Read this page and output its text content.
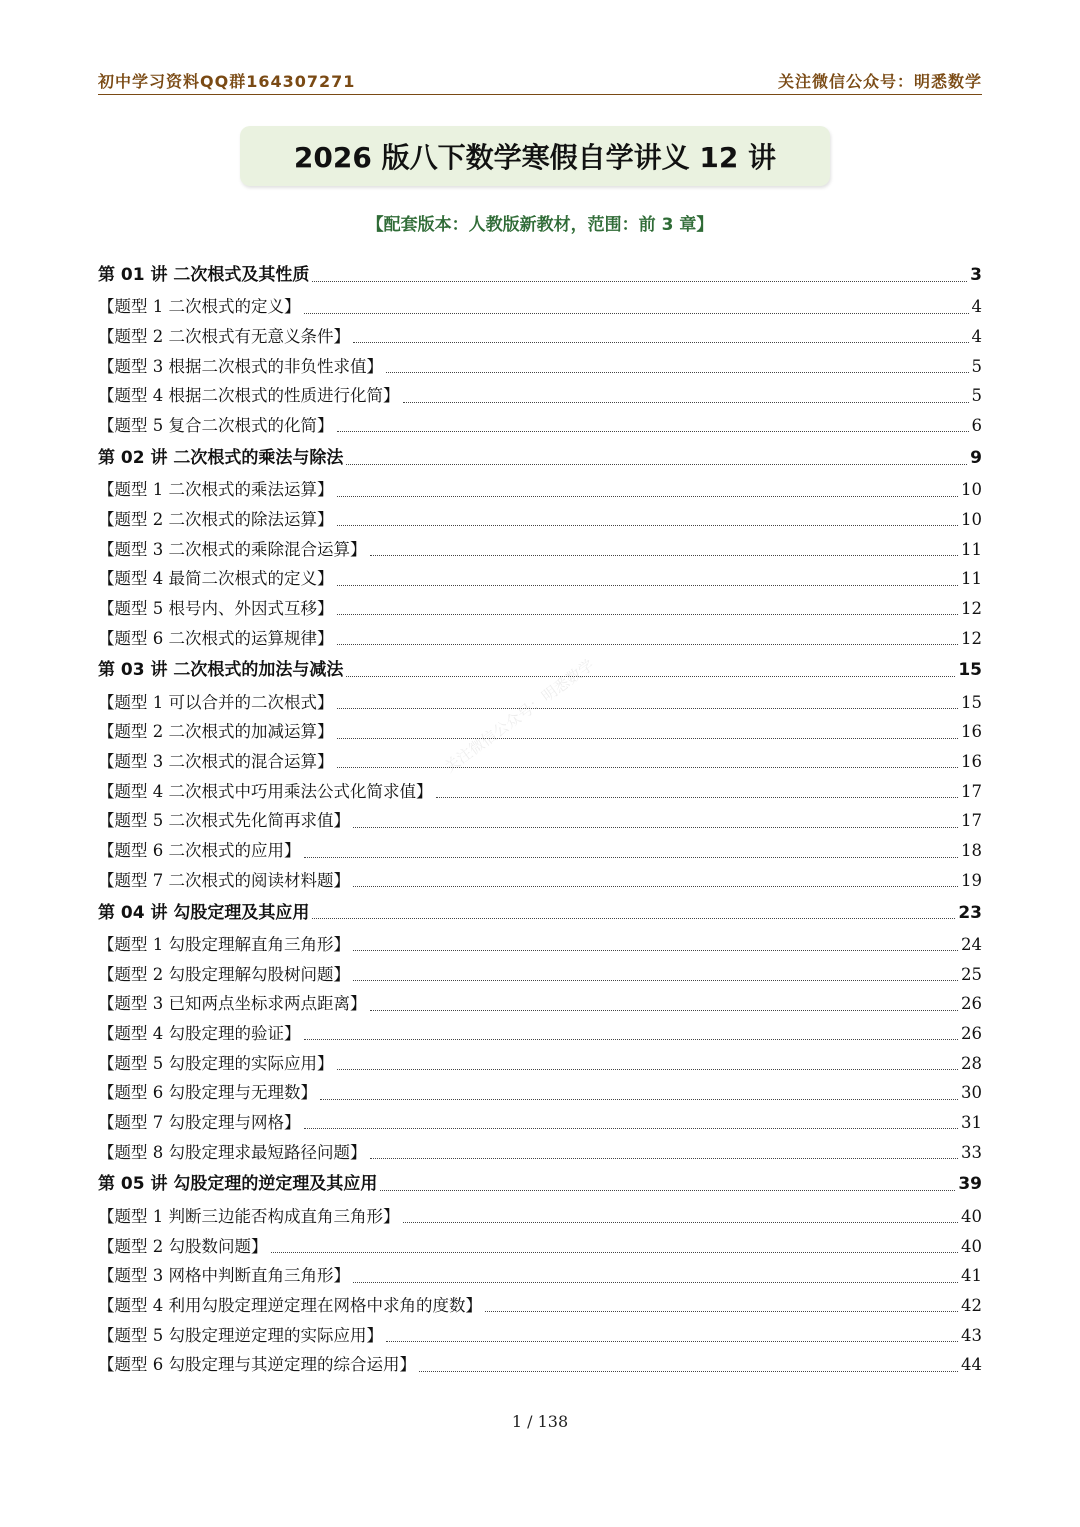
初中学习资料QQ群164307271	关注微信公众号：明悉数学
2026 版八下数学寒假自学讲义 12 讲
【配套版本：人教版新教材，范围：前 3 章】
关注微信公众号：明悉数学
第 01 讲 二次根式及其性质	3
【题型 1 二次根式的定义】	4
【题型 2 二次根式有无意义条件】	4
【题型 3 根据二次根式的非负性求值】	5
【题型 4 根据二次根式的性质进行化简】	5
【题型 5 复合二次根式的化简】	6
第 02 讲 二次根式的乘法与除法	9
【题型 1 二次根式的乘法运算】	10
【题型 2 二次根式的除法运算】	10
【题型 3 二次根式的乘除混合运算】	11
【题型 4 最简二次根式的定义】	11
【题型 5 根号内、外因式互移】	12
【题型 6 二次根式的运算规律】	12
第 03 讲 二次根式的加法与减法	15
【题型 1 可以合并的二次根式】	15
【题型 2 二次根式的加减运算】	16
【题型 3 二次根式的混合运算】	16
【题型 4 二次根式中巧用乘法公式化简求值】	17
【题型 5 二次根式先化简再求值】	17
【题型 6 二次根式的应用】	18
【题型 7 二次根式的阅读材料题】	19
第 04 讲 勾股定理及其应用	23
【题型 1 勾股定理解直角三角形】	24
【题型 2 勾股定理解勾股树问题】	25
【题型 3 已知两点坐标求两点距离】	26
【题型 4 勾股定理的验证】	26
【题型 5 勾股定理的实际应用】	28
【题型 6 勾股定理与无理数】	30
【题型 7 勾股定理与网格】	31
【题型 8 勾股定理求最短路径问题】	33
第 05 讲 勾股定理的逆定理及其应用	39
【题型 1 判断三边能否构成直角三角形】	40
【题型 2 勾股数问题】	40
【题型 3 网格中判断直角三角形】	41
【题型 4 利用勾股定理逆定理在网格中求角的度数】	42
【题型 5 勾股定理逆定理的实际应用】	43
【题型 6 勾股定理与其逆定理的综合运用】	44
1 / 138
